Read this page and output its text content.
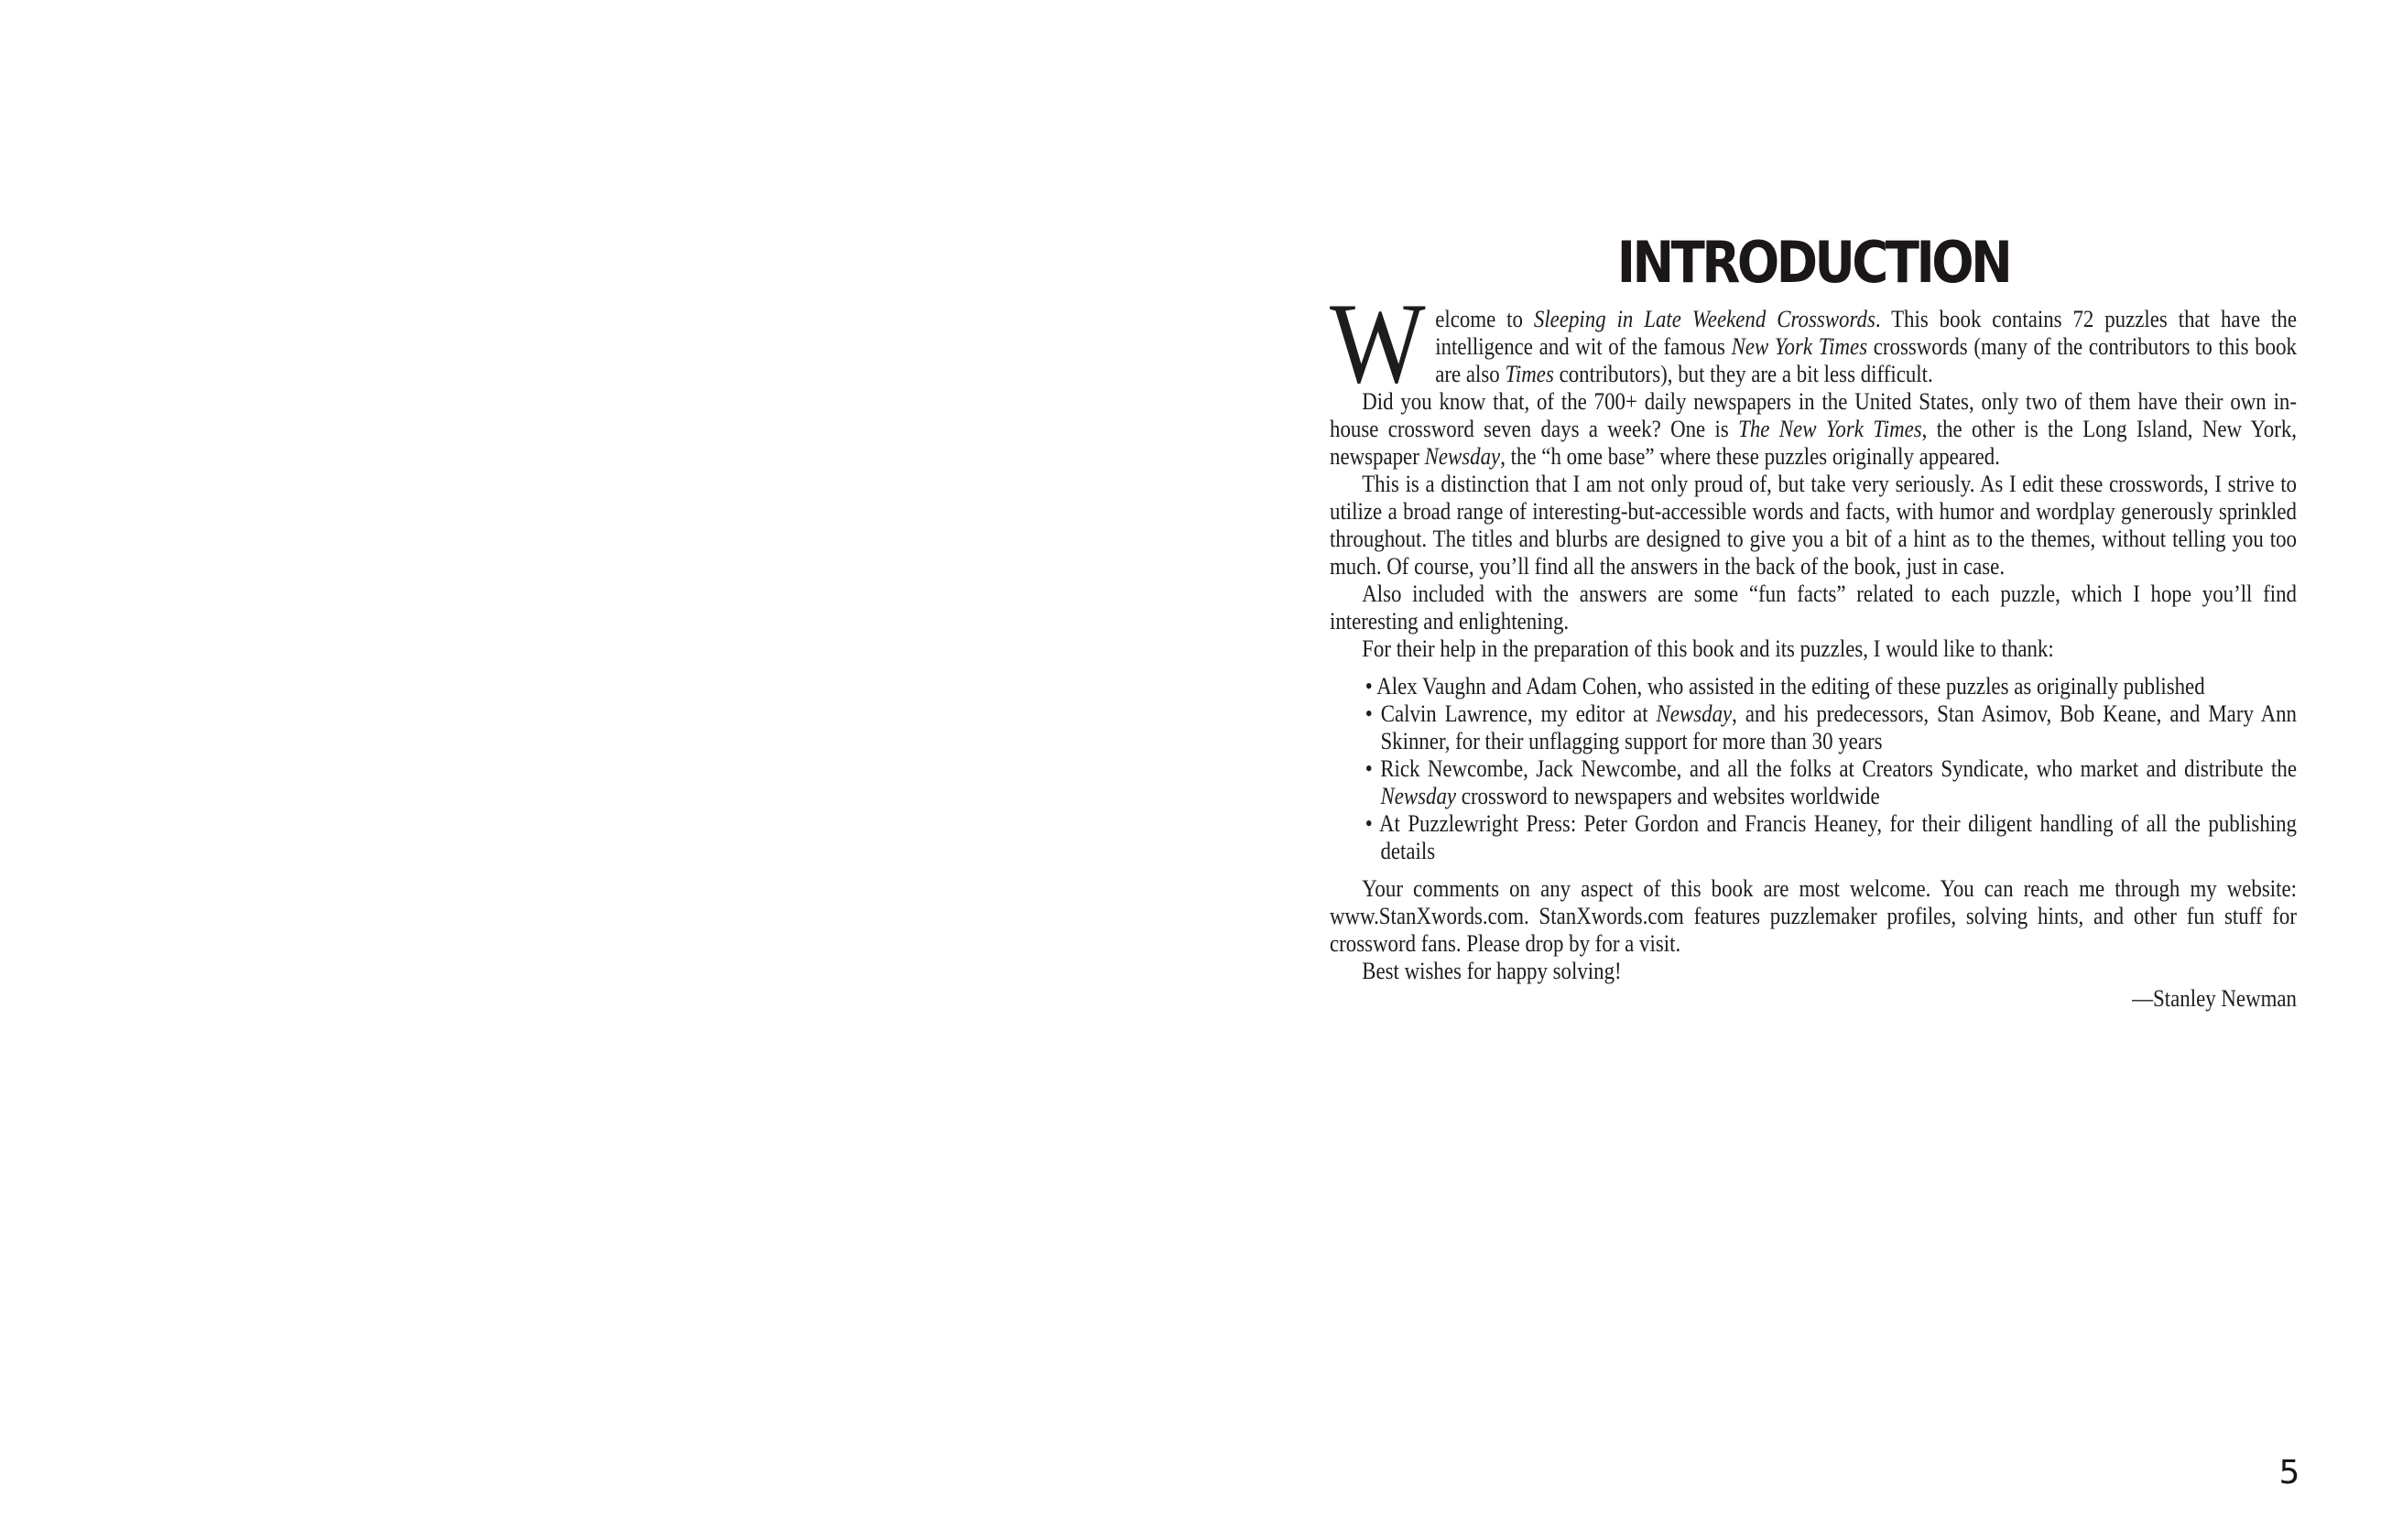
INTRODUCTION

W elcome to Sleeping in Late Weekend Crosswords. This book contains 72 puzzles that have the intelligence and wit of the famous New York Times crosswords (many of the contributors to this book are also Times contributors), but they are a bit less difficult.

Did you know that, of the 700+ daily newspapers in the United States, only two of them have their own in-house crossword seven days a week? One is The New York Times, the other is the Long Island, New York, newspaper Newsday, the “h ome base” where these puzzles originally appeared.

This is a distinction that I am not only proud of, but take very seriously. As I edit these crosswords, I strive to utilize a broad range of interesting-but-accessible words and facts, with humor and wordplay generously sprinkled throughout. The titles and blurbs are designed to give you a bit of a hint as to the themes, without telling you too much. Of course, you’ll find all the answers in the back of the book, just in case.

Also included with the answers are some “fun facts” related to each puzzle, which I hope you’ll find interesting and enlightening.

For their help in the preparation of this book and its puzzles, I would like to thank:

• Alex Vaughn and Adam Cohen, who assisted in the editing of these puzzles as originally published
• Calvin Lawrence, my editor at Newsday, and his predecessors, Stan Asimov, Bob Keane, and Mary Ann Skinner, for their unflagging support for more than 30 years
• Rick Newcombe, Jack Newcombe, and all the folks at Creators Syndicate, who market and distribute the Newsday crossword to newspapers and websites worldwide
• At Puzzlewright Press: Peter Gordon and Francis Heaney, for their diligent handling of all the publishing details

Your comments on any aspect of this book are most welcome. You can reach me through my website: www.StanXwords.com. StanXwords.com features puzzlemaker profiles, solving hints, and other fun stuff for crossword fans. Please drop by for a visit.

Best wishes for happy solving!

—Stanley Newman

5
